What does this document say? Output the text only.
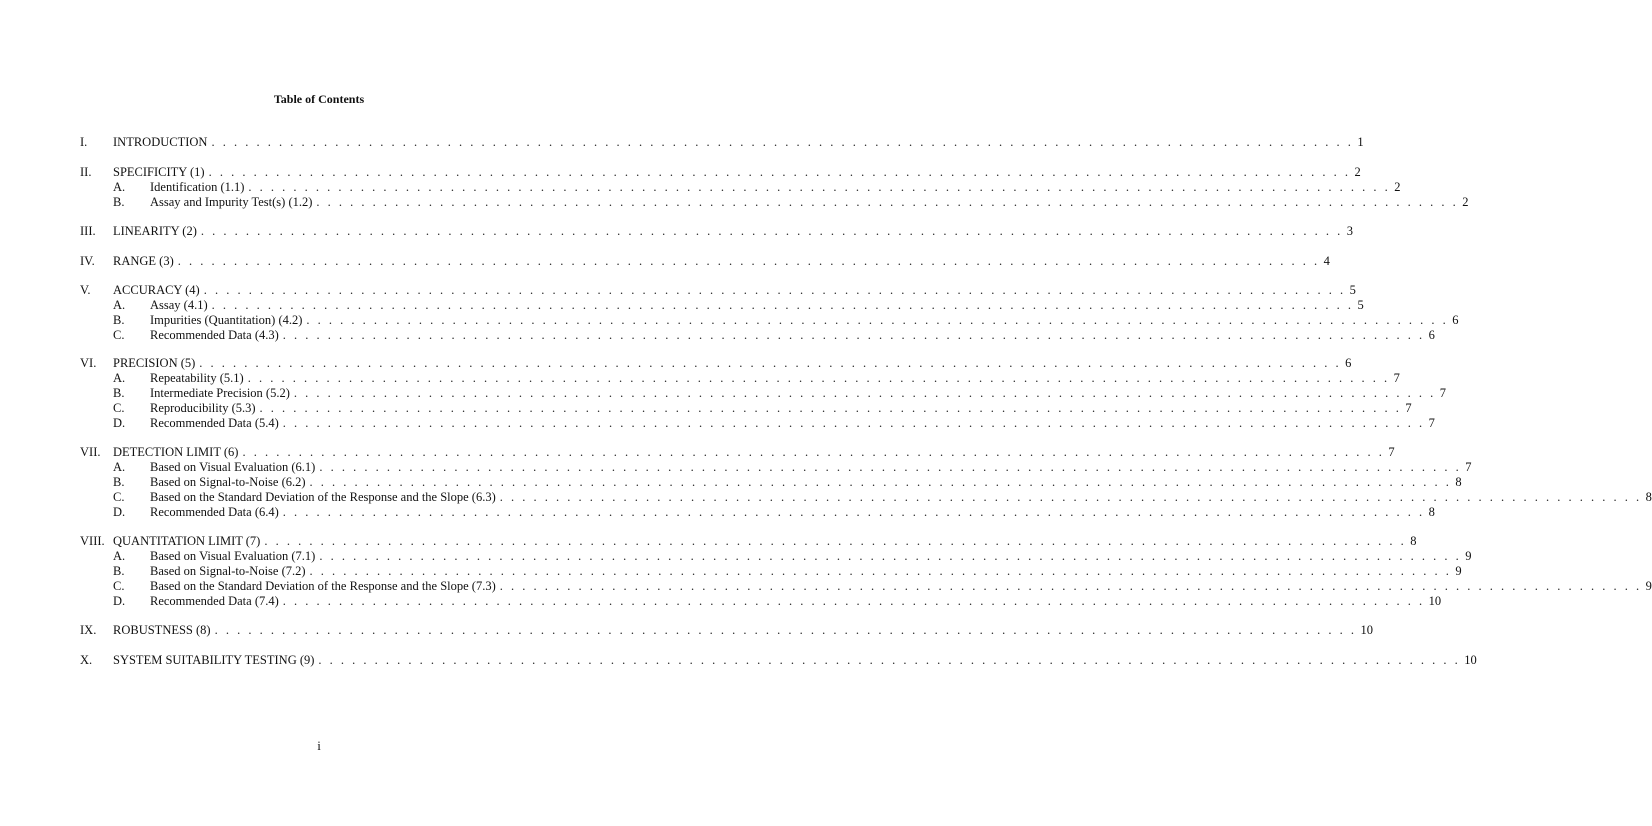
Table of Contents
I.	INTRODUCTION . . . . . . . . . . . . . . . . . . . . . . . . . . . . . . . . . . . . . . . . . . . . . . . . . . . . . . . . . . . . . . . . . . . . . . . . . . . . . . . . . . . . . . . . . . . . . . . . . . . . . . 1
II.	SPECIFICITY (1) . . . . . . . . . . . . . . . . . . . . . . . . . . . . . . . . . . . . . . . . . . . . . . . . . . . . . . . . . . . . . . . . . . . . . . . . . . . . . . . . . . . . . . . . . . . . . . . . . . . . . . 2
A.	Identification (1.1) . . . . . . . . . . . . . . . . . . . . . . . . . . . . . . . . . . . . . . . . . . . . . . . . . . . . . . . . . . . . . . . . . . . . . . . . . . . . . . . . . . . . . . . . . . . . . . . . . . . . . . 2
B.	Assay and Impurity Test(s) (1.2) . . . . . . . . . . . . . . . . . . . . . . . . . . . . . . . . . . . . . . . . . . . . . . . . . . . . . . . . . . . . . . . . . . . . . . . . . . . . . . . . . . . . . . . . . . . . . . . . . . . . . . 2
III.	LINEARITY (2) . . . . . . . . . . . . . . . . . . . . . . . . . . . . . . . . . . . . . . . . . . . . . . . . . . . . . . . . . . . . . . . . . . . . . . . . . . . . . . . . . . . . . . . . . . . . . . . . . . . . . . 3
IV.	RANGE (3) . . . . . . . . . . . . . . . . . . . . . . . . . . . . . . . . . . . . . . . . . . . . . . . . . . . . . . . . . . . . . . . . . . . . . . . . . . . . . . . . . . . . . . . . . . . . . . . . . . . . . . 4
V.	ACCURACY (4) . . . . . . . . . . . . . . . . . . . . . . . . . . . . . . . . . . . . . . . . . . . . . . . . . . . . . . . . . . . . . . . . . . . . . . . . . . . . . . . . . . . . . . . . . . . . . . . . . . . . . . 5
A.	Assay (4.1) . . . . . . . . . . . . . . . . . . . . . . . . . . . . . . . . . . . . . . . . . . . . . . . . . . . . . . . . . . . . . . . . . . . . . . . . . . . . . . . . . . . . . . . . . . . . . . . . . . . . . . 5
B.	Impurities (Quantitation) (4.2) . . . . . . . . . . . . . . . . . . . . . . . . . . . . . . . . . . . . . . . . . . . . . . . . . . . . . . . . . . . . . . . . . . . . . . . . . . . . . . . . . . . . . . . . . . . . . . . . . . . . . . 6
C.	Recommended Data (4.3) . . . . . . . . . . . . . . . . . . . . . . . . . . . . . . . . . . . . . . . . . . . . . . . . . . . . . . . . . . . . . . . . . . . . . . . . . . . . . . . . . . . . . . . . . . . . . . . . . . . . . . 6
VI.	PRECISION (5) . . . . . . . . . . . . . . . . . . . . . . . . . . . . . . . . . . . . . . . . . . . . . . . . . . . . . . . . . . . . . . . . . . . . . . . . . . . . . . . . . . . . . . . . . . . . . . . . . . . . . . 6
A.	Repeatability (5.1) . . . . . . . . . . . . . . . . . . . . . . . . . . . . . . . . . . . . . . . . . . . . . . . . . . . . . . . . . . . . . . . . . . . . . . . . . . . . . . . . . . . . . . . . . . . . . . . . . . . . . . 7
B.	Intermediate Precision (5.2) . . . . . . . . . . . . . . . . . . . . . . . . . . . . . . . . . . . . . . . . . . . . . . . . . . . . . . . . . . . . . . . . . . . . . . . . . . . . . . . . . . . . . . . . . . . . . . . . . . . . . . 7
C.	Reproducibility (5.3) . . . . . . . . . . . . . . . . . . . . . . . . . . . . . . . . . . . . . . . . . . . . . . . . . . . . . . . . . . . . . . . . . . . . . . . . . . . . . . . . . . . . . . . . . . . . . . . . . . . . . . 7
D.	Recommended Data (5.4) . . . . . . . . . . . . . . . . . . . . . . . . . . . . . . . . . . . . . . . . . . . . . . . . . . . . . . . . . . . . . . . . . . . . . . . . . . . . . . . . . . . . . . . . . . . . . . . . . . . . . . 7
VII.	DETECTION LIMIT (6) . . . . . . . . . . . . . . . . . . . . . . . . . . . . . . . . . . . . . . . . . . . . . . . . . . . . . . . . . . . . . . . . . . . . . . . . . . . . . . . . . . . . . . . . . . . . . . . . . . . . . . 7
A.	Based on Visual Evaluation (6.1) . . . . . . . . . . . . . . . . . . . . . . . . . . . . . . . . . . . . . . . . . . . . . . . . . . . . . . . . . . . . . . . . . . . . . . . . . . . . . . . . . . . . . . . . . . . . . . . . . . . . . . 7
B.	Based on Signal-to-Noise (6.2) . . . . . . . . . . . . . . . . . . . . . . . . . . . . . . . . . . . . . . . . . . . . . . . . . . . . . . . . . . . . . . . . . . . . . . . . . . . . . . . . . . . . . . . . . . . . . . . . . . . . . . 8
C.	Based on the Standard Deviation of the Response and the Slope (6.3) . . . . . . . . . . . . . . . . . . . . . . . . . . . . . . . . . . . . . . . . . . . . . . . . . . . . . . . . . . . . . . . . . . . . . . . . . . . . . . . . . . . . . . . . . . . . . . . . . . . . . . 8
D.	Recommended Data (6.4) . . . . . . . . . . . . . . . . . . . . . . . . . . . . . . . . . . . . . . . . . . . . . . . . . . . . . . . . . . . . . . . . . . . . . . . . . . . . . . . . . . . . . . . . . . . . . . . . . . . . . . 8
VIII. QUANTITATION LIMIT (7) . . . . . . . . . . . . . . . . . . . . . . . . . . . . . . . . . . . . . . . . . . . . . . . . . . . . . . . . . . . . . . . . . . . . . . . . . . . . . . . . . . . . . . . . . . . . . . . . . . . . . . 8
A.	Based on Visual Evaluation (7.1) . . . . . . . . . . . . . . . . . . . . . . . . . . . . . . . . . . . . . . . . . . . . . . . . . . . . . . . . . . . . . . . . . . . . . . . . . . . . . . . . . . . . . . . . . . . . . . . . . . . . . . 9
B.	Based on Signal-to-Noise (7.2) . . . . . . . . . . . . . . . . . . . . . . . . . . . . . . . . . . . . . . . . . . . . . . . . . . . . . . . . . . . . . . . . . . . . . . . . . . . . . . . . . . . . . . . . . . . . . . . . . . . . . . 9
C.	Based on the Standard Deviation of the Response and the Slope (7.3) . . . . . . . . . . . . . . . . . . . . . . . . . . . . . . . . . . . . . . . . . . . . . . . . . . . . . . . . . . . . . . . . . . . . . . . . . . . . . . . . . . . . . . . . . . . . . . . . . . . . . . 9
D.	Recommended Data (7.4) . . . . . . . . . . . . . . . . . . . . . . . . . . . . . . . . . . . . . . . . . . . . . . . . . . . . . . . . . . . . . . . . . . . . . . . . . . . . . . . . . . . . . . . . . . . . . . . . . . . . . . 10
IX.	ROBUSTNESS (8) . . . . . . . . . . . . . . . . . . . . . . . . . . . . . . . . . . . . . . . . . . . . . . . . . . . . . . . . . . . . . . . . . . . . . . . . . . . . . . . . . . . . . . . . . . . . . . . . . . . . . . 10
X.	SYSTEM SUITABILITY TESTING (9) . . . . . . . . . . . . . . . . . . . . . . . . . . . . . . . . . . . . . . . . . . . . . . . . . . . . . . . . . . . . . . . . . . . . . . . . . . . . . . . . . . . . . . . . . . . . . . . . . . . . . . 10
i
